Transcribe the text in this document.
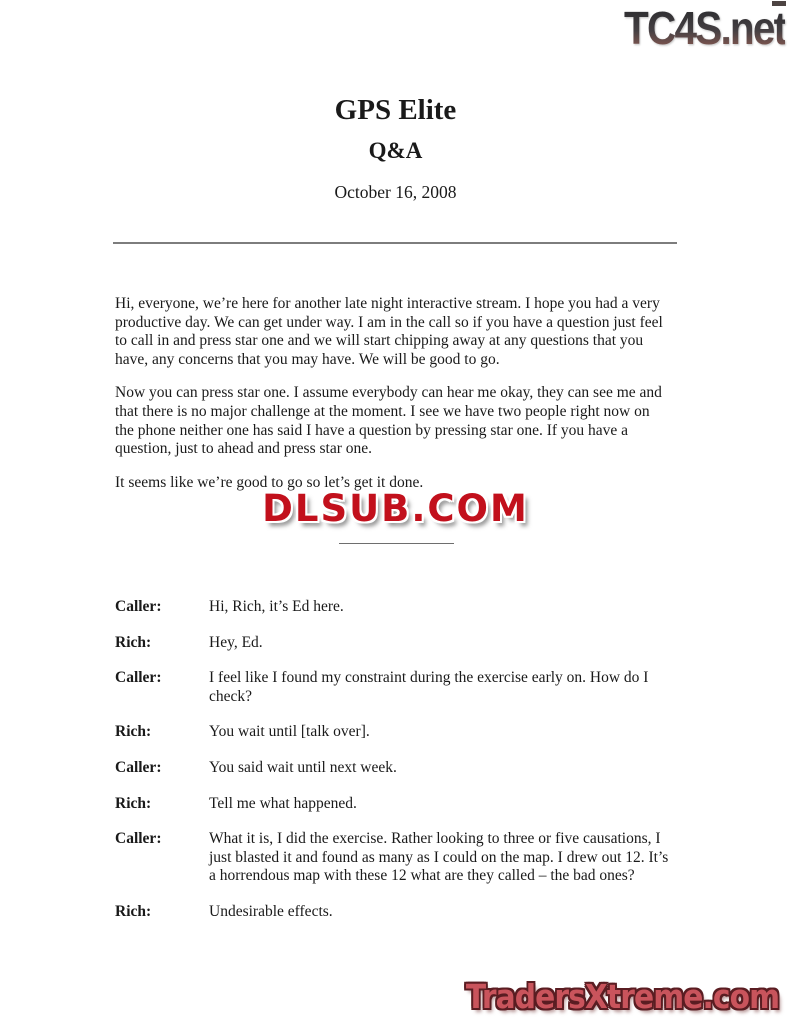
TC4S.net
GPS Elite
Q&A
October 16, 2008

Hi, everyone, we’re here for another late night interactive stream. I hope you had a very productive day. We can get under way. I am in the call so if you have a question just feel to call in and press star one and we will start chipping away at any questions that you have, any concerns that you may have. We will be good to go.

Now you can press star one. I assume everybody can hear me okay, they can see me and that there is no major challenge at the moment. I see we have two people right now on the phone neither one has said I have a question by pressing star one. If you have a question, just to ahead and press star one.

It seems like we’re good to go so let’s get it done.

DLSUB.COM
Caller:	Hi, Rich, it’s Ed here.
Rich:	Hey, Ed.
Caller:	I feel like I found my constraint during the exercise early on. How do I check?
Rich:	You wait until [talk over].
Caller:	You said wait until next week.
Rich:	Tell me what happened.
Caller:	What it is, I did the exercise. Rather looking to three or five causations, I just blasted it and found as many as I could on the map. I drew out 12. It’s a horrendous map with these 12 what are they called – the bad ones?
Rich:	Undesirable effects.
TradersXtreme.com
